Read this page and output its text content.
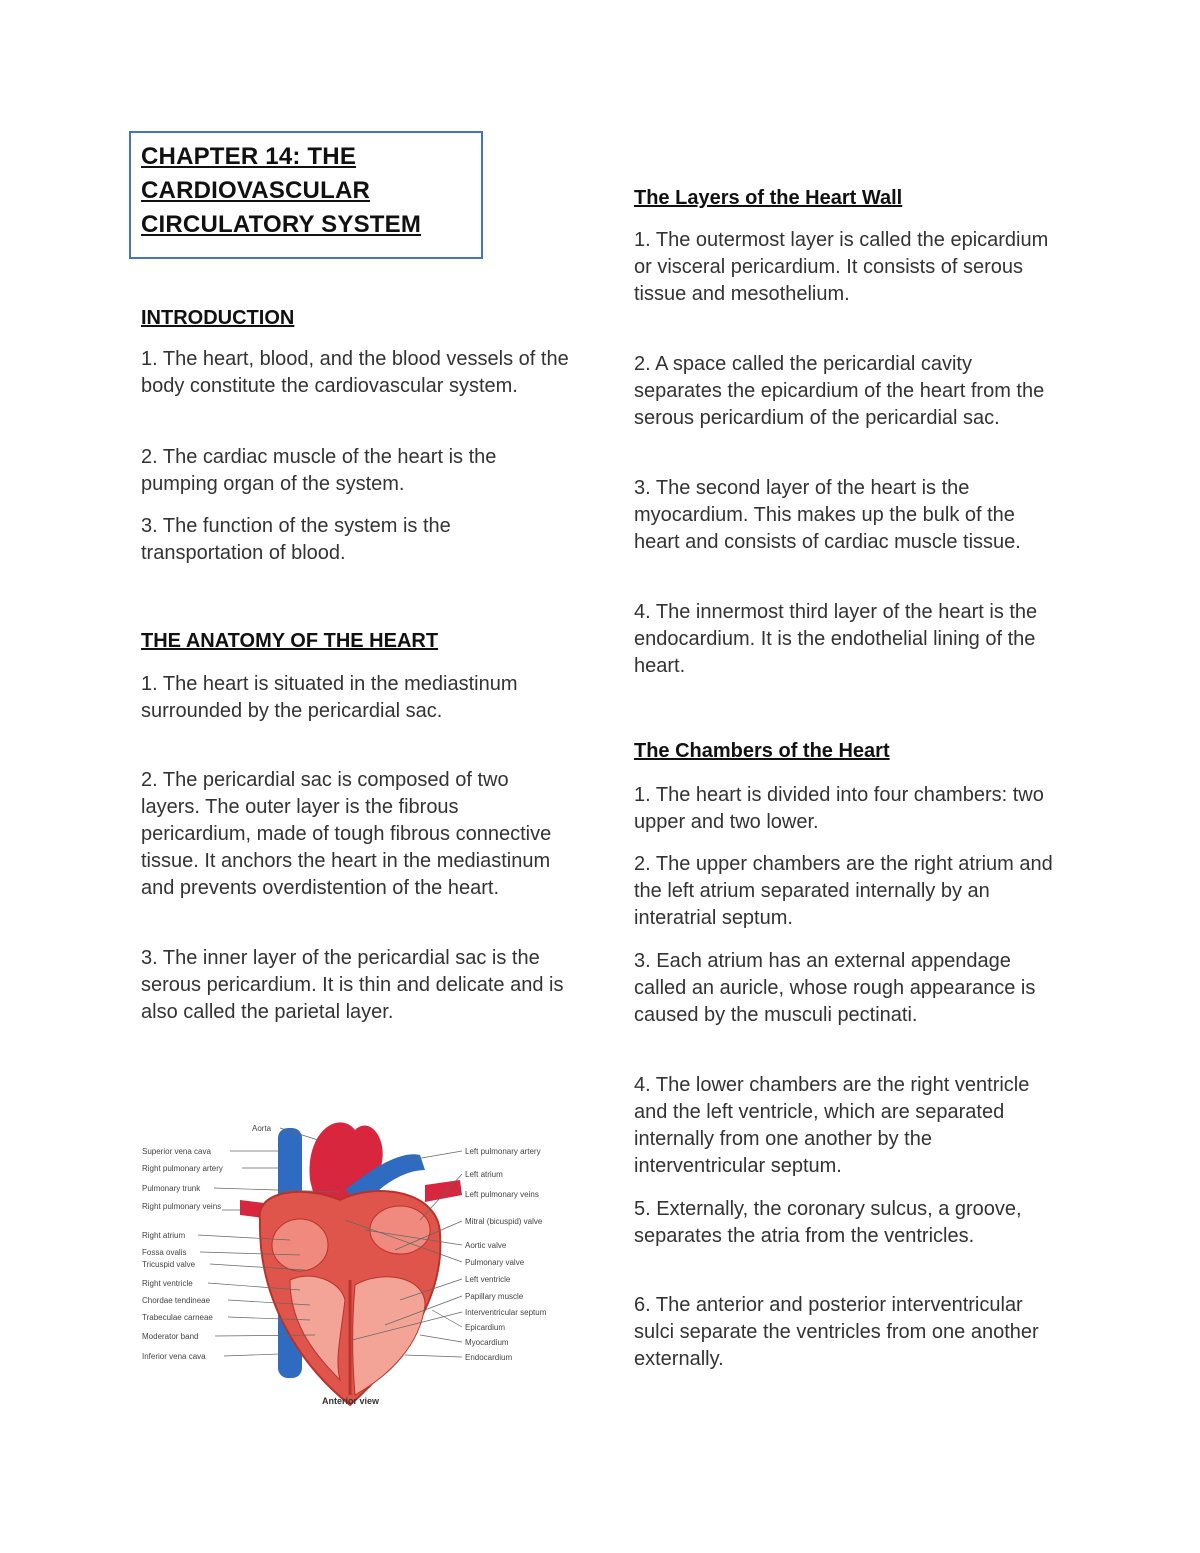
CHAPTER 14: THE
CARDIOVASCULAR
CIRCULATORY SYSTEM
INTRODUCTION

1. The heart, blood, and the blood vessels of the body constitute the cardiovascular system.

2. The cardiac muscle of the heart is the pumping organ of the system.

3. The function of the system is the transportation of blood.

THE ANATOMY OF THE HEART

1. The heart is situated in the mediastinum surrounded by the pericardial sac.

2. The pericardial sac is composed of two layers. The outer layer is the fibrous pericardium, made of tough fibrous connective tissue. It anchors the heart in the mediastinum and prevents overdistention of the heart.

3. The inner layer of the pericardial sac is the serous pericardium. It is thin and delicate and is also called the parietal layer.

Aorta
Superior vena cava
Right pulmonary artery
Pulmonary trunk
Right pulmonary veins
Right atrium
Fossa ovalis
Tricuspid valve
Right ventricle
Chordae tendineae
Trabeculae carneae
Moderator band
Inferior vena cava
Left pulmonary artery
Left atrium
Left pulmonary veins
Mitral (bicuspid) valve
Aortic valve
Pulmonary valve
Left ventricle
Papillary muscle
Interventricular septum
Epicardium
Myocardium
Endocardium
Anterior view
The Layers of the Heart Wall

1. The outermost layer is called the epicardium or visceral pericardium. It consists of serous tissue and mesothelium.

2. A space called the pericardial cavity separates the epicardium of the heart from the serous pericardium of the pericardial sac.

3. The second layer of the heart is the myocardium. This makes up the bulk of the heart and consists of cardiac muscle tissue.

4. The innermost third layer of the heart is the endocardium. It is the endothelial lining of the heart.

The Chambers of the Heart

1. The heart is divided into four chambers: two upper and two lower.

2. The upper chambers are the right atrium and the left atrium separated internally by an interatrial septum.

3. Each atrium has an external appendage called an auricle, whose rough appearance is caused by the musculi pectinati.

4. The lower chambers are the right ventricle and the left ventricle, which are separated internally from one another by the interventricular septum.

5. Externally, the coronary sulcus, a groove, separates the atria from the ventricles.

6. The anterior and posterior interventricular sulci separate the ventricles from one another externally.
